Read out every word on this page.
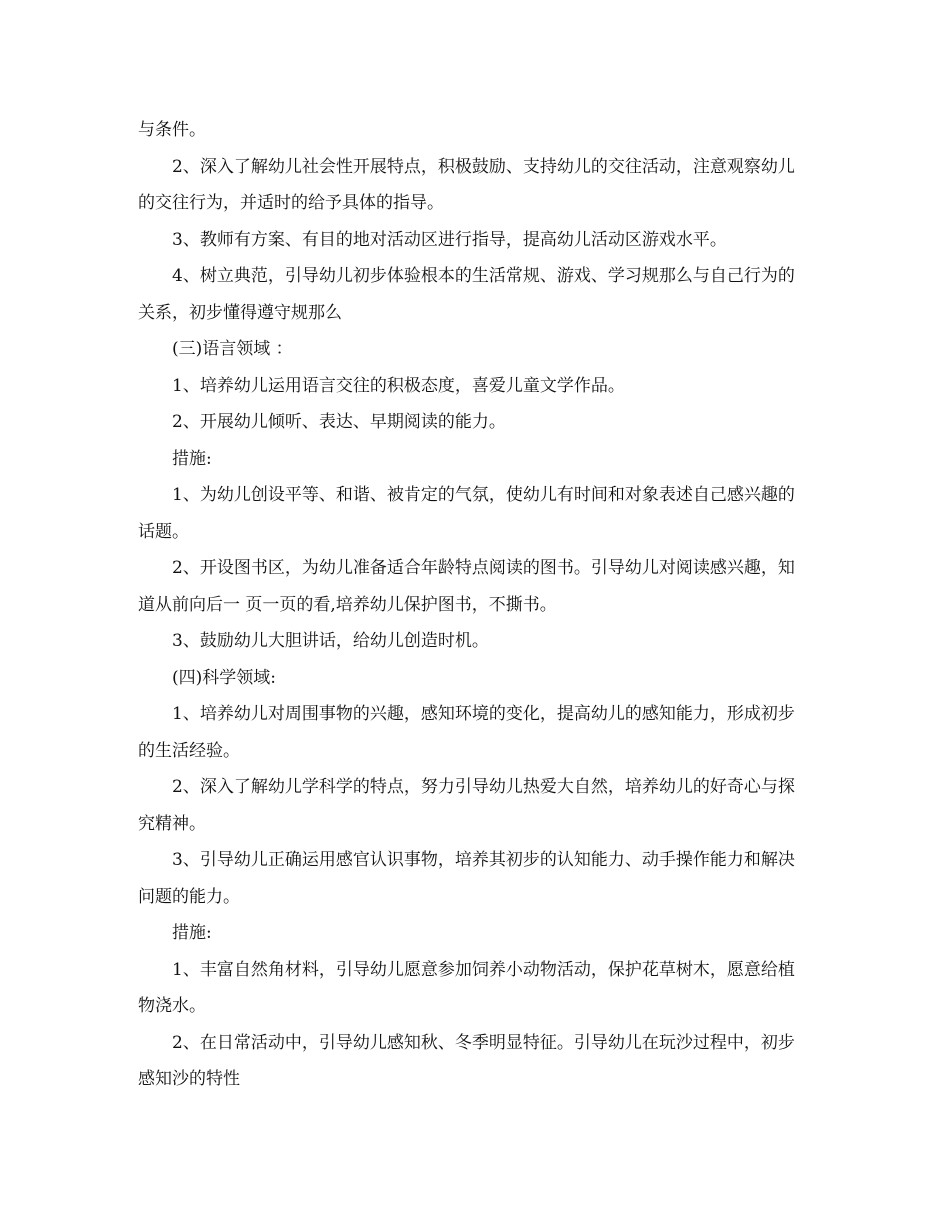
与条件。

2、深入了解幼儿社会性开展特点，积极鼓励、支持幼儿的交往活动，注意观察幼儿的交往行为，并适时的给予具体的指导。

3、教师有方案、有目的地对活动区进行指导，提高幼儿活动区游戏水平。

4、树立典范，引导幼儿初步体验根本的生活常规、游戏、学习规那么与自己行为的关系，初步懂得遵守规那么

(三)语言领域 ：

1、培养幼儿运用语言交往的积极态度，喜爱儿童文学作品。

2、开展幼儿倾听、表达、早期阅读的能力。

措施:

1、为幼儿创设平等、和谐、被肯定的气氛，使幼儿有时间和对象表述自己感兴趣的话题。

2、开设图书区，为幼儿准备适合年龄特点阅读的图书。引导幼儿对阅读感兴趣，知道从前向后一 页一页的看,培养幼儿保护图书，不撕书。

3、鼓励幼儿大胆讲话，给幼儿创造时机。

(四)科学领域:

1、培养幼儿对周围事物的兴趣，感知环境的变化，提高幼儿的感知能力，形成初步的生活经验。

2、深入了解幼儿学科学的特点，努力引导幼儿热爱大自然，培养幼儿的好奇心与探究精神。

3、引导幼儿正确运用感官认识事物，培养其初步的认知能力、动手操作能力和解决问题的能力。

措施:

1、丰富自然角材料，引导幼儿愿意参加饲养小动物活动，保护花草树木，愿意给植物浇水。

2、在日常活动中，引导幼儿感知秋、冬季明显特征。引导幼儿在玩沙过程中，初步感知沙的特性
